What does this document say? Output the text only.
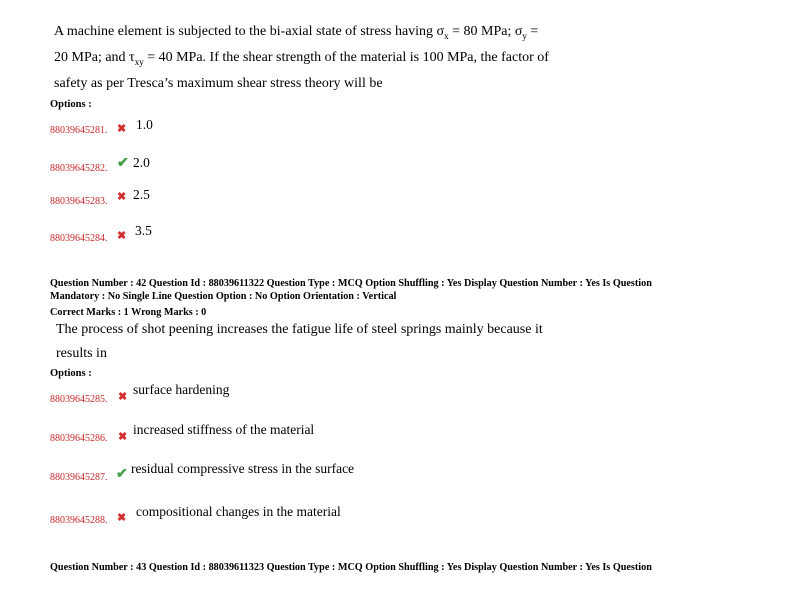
A machine element is subjected to the bi-axial state of stress having $\sigma_x = 80$ MPa; $\sigma_y$ =
20 MPa; and $\tau_{xy} = 40$ MPa. If the shear strength of the material is 100 MPa, the factor of
safety as per Tresca’s maximum shear stress theory will be
Options :
88039645281. ✖ 1.0
88039645282. ✔ 2.0
88039645283. ✖ 2.5
88039645284. ✖ 3.5
Question Number : 42 Question Id : 88039611322 Question Type : MCQ Option Shuffling : Yes Display Question Number : Yes Is Question
Mandatory : No Single Line Question Option : No Option Orientation : Vertical
Correct Marks : 1 Wrong Marks : 0
The process of shot peening increases the fatigue life of steel springs mainly because it
results in
Options :
88039645285. ✖ surface hardening
88039645286. ✖ increased stiffness of the material
88039645287. ✔ residual compressive stress in the surface
88039645288. ✖ compositional changes in the material
Question Number : 43 Question Id : 88039611323 Question Type : MCQ Option Shuffling : Yes Display Question Number : Yes Is Question
